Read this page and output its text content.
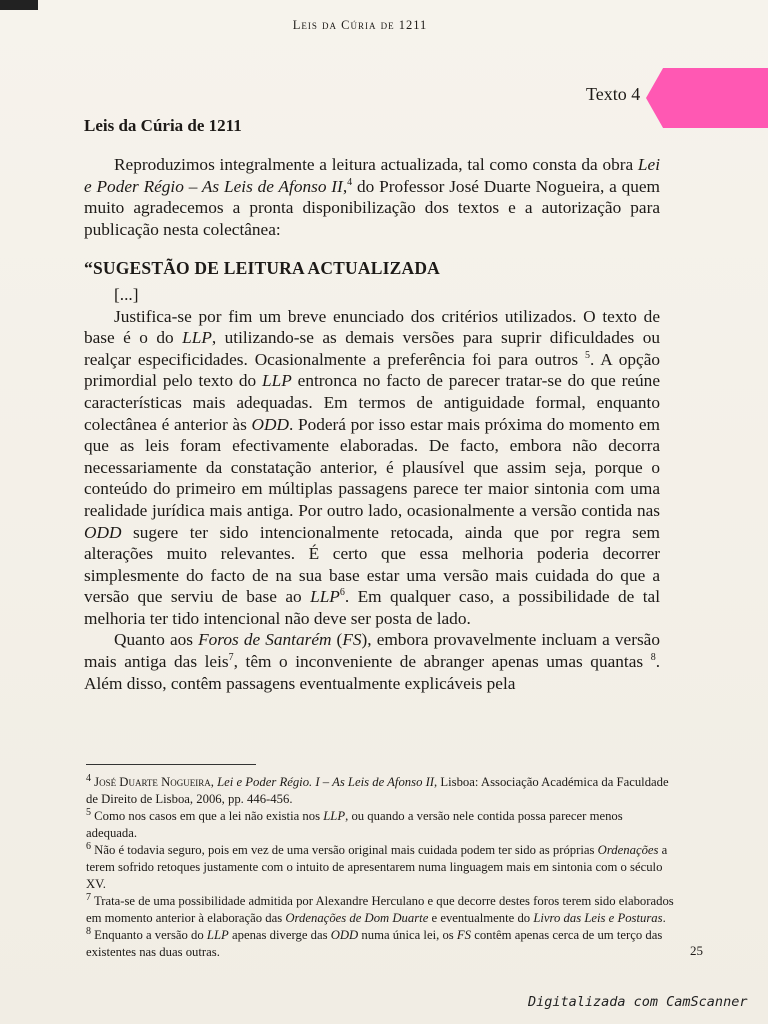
Leis da Cúria de 1211
Texto 4
Leis da Cúria de 1211

Reproduzimos integralmente a leitura actualizada, tal como consta da obra Lei e Poder Régio – As Leis de Afonso II,$^4$ do Professor José Duarte Nogueira, a quem muito agradecemos a pronta disponibilização dos textos e a autorização para publicação nesta colectânea:

“SUGESTÃO DE LEITURA ACTUALIZADA
[...]

Justifica-se por fim um breve enunciado dos critérios utilizados. O texto de base é o do LLP, utilizando-se as demais versões para suprir dificuldades ou realçar especificidades. Ocasionalmente a preferência foi para outros $^5$. A opção primordial pelo texto do LLP entronca no facto de parecer tratar-se do que reúne características mais adequadas. Em termos de antiguidade formal, enquanto colectânea é anterior às ODD. Poderá por isso estar mais próxima do momento em que as leis foram efectivamente elaboradas. De facto, embora não decorra necessariamente da constatação anterior, é plausível que assim seja, porque o conteúdo do primeiro em múltiplas passagens parece ter maior sintonia com uma realidade jurídica mais antiga. Por outro lado, ocasionalmente a versão contida nas ODD sugere ter sido intencionalmente retocada, ainda que por regra sem alterações muito relevantes. É certo que essa melhoria poderia decorrer simplesmente do facto de na sua base estar uma versão mais cuidada do que a versão que serviu de base ao LLP$^6$. Em qualquer caso, a possibilidade de tal melhoria ter tido intencional não deve ser posta de lado.

Quanto aos Foros de Santarém (FS), embora provavelmente incluam a versão mais antiga das leis$^7$, têm o inconveniente de abranger apenas umas quantas $^8$. Além disso, contêm passagens eventualmente explicáveis pela

$^4$ José Duarte Nogueira, Lei e Poder Régio. I – As Leis de Afonso II, Lisboa: Associação Académica da Faculdade de Direito de Lisboa, 2006, pp. 446-456.
$^5$ Como nos casos em que a lei não existia nos LLP, ou quando a versão nele contida possa parecer menos adequada.
$^6$ Não é todavia seguro, pois em vez de uma versão original mais cuidada podem ter sido as próprias Ordenações a terem sofrido retoques justamente com o intuito de apresentarem numa linguagem mais em sintonia com o século XV.
$^7$ Trata-se de uma possibilidade admitida por Alexandre Herculano e que decorre destes foros terem sido elaborados em momento anterior à elaboração das Ordenações de Dom Duarte e eventualmente do Livro das Leis e Posturas.
$^8$ Enquanto a versão do LLP apenas diverge das ODD numa única lei, os FS contêm apenas cerca de um terço das existentes nas duas outras.	25
Digitalizada com CamScanner
